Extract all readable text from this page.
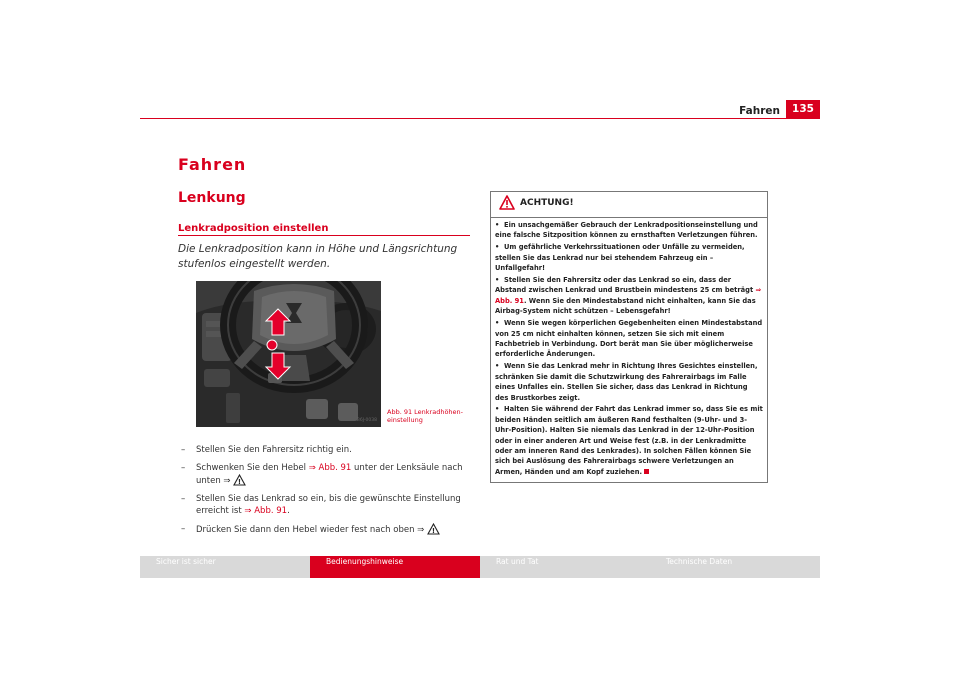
Fahren	135
Fahren
Lenkung
Lenkradposition einstellen
Die Lenkradposition kann in Höhe und Längsrichtung stufenlos eingestellt werden.
B6J-0038
Abb. 91 Lenkradhöhen-einstellung
– Stellen Sie den Fahrersitz richtig ein.
– Schwenken Sie den Hebel ⇒ Abb. 91 unter der Lenksäule nach unten ⇒ !
– Stellen Sie das Lenkrad so ein, bis die gewünschte Einstellung erreicht ist ⇒ Abb. 91.
– Drücken Sie dann den Hebel wieder fest nach oben ⇒ !
ACHTUNG!
• Ein unsachgemäßer Gebrauch der Lenkradpositionseinstellung und eine falsche Sitzposition können zu ernsthaften Verletzungen führen.
• Um gefährliche Verkehrssituationen oder Unfälle zu vermeiden, stellen Sie das Lenkrad nur bei stehendem Fahrzeug ein – Unfallgefahr!
• Stellen Sie den Fahrersitz oder das Lenkrad so ein, dass der Abstand zwischen Lenkrad und Brustbein mindestens 25 cm beträgt ⇒ Abb. 91. Wenn Sie den Mindestabstand nicht einhalten, kann Sie das Airbag-System nicht schützen – Lebensgefahr!
• Wenn Sie wegen körperlichen Gegebenheiten einen Mindestabstand von 25 cm nicht einhalten können, setzen Sie sich mit einem Fachbetrieb in Verbindung. Dort berät man Sie über möglicherweise erforderliche Änderungen.
• Wenn Sie das Lenkrad mehr in Richtung Ihres Gesichtes einstellen, schränken Sie damit die Schutzwirkung des Fahrerairbags im Falle eines Unfalles ein. Stellen Sie sicher, dass das Lenkrad in Richtung des Brustkorbes zeigt.
• Halten Sie während der Fahrt das Lenkrad immer so, dass Sie es mit beiden Händen seitlich am äußeren Rand festhalten (9-Uhr- und 3-Uhr-Position). Halten Sie niemals das Lenkrad in der 12-Uhr-Position oder in einer anderen Art und Weise fest (z.B. in der Lenkradmitte oder am inneren Rand des Lenkrades). In solchen Fällen können Sie sich bei Auslösung des Fahrerairbags schwere Verletzungen an Armen, Händen und am Kopf zuziehen.
Sicher ist sicher	Bedienungshinweise	Rat und Tat	Technische Daten
